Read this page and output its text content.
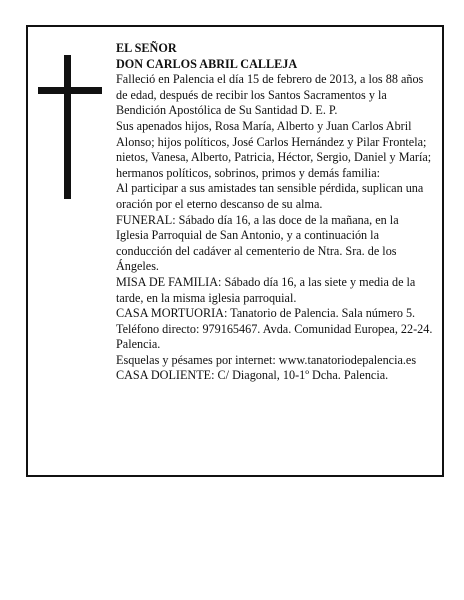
EL SEÑOR

DON CARLOS ABRIL CALLEJA

Falleció en Palencia el día 15 de febrero de 2013, a los 88 años de edad, después de recibir los Santos Sacramentos y la Bendición Apostólica de Su Santidad D. E. P.

Sus apenados hijos, Rosa María, Alberto y Juan Carlos Abril Alonso; hijos políticos, José Carlos Hernández y Pilar Frontela; nietos, Vanesa, Alberto, Patricia, Héctor, Sergio, Daniel y María; hermanos políticos, sobrinos, primos y demás familia:

Al participar a sus amistades tan sensible pérdida, suplican una oración por el eterno descanso de su alma.

FUNERAL: Sábado día 16, a las doce de la mañana, en la Iglesia Parroquial de San Antonio, y a continuación la conducción del cadáver al cementerio de Ntra. Sra. de los Ángeles.

MISA DE FAMILIA: Sábado día 16, a las siete y media de la tarde, en la misma iglesia parroquial.

CASA MORTUORIA: Tanatorio de Palencia. Sala número 5. Teléfono directo: 979165467. Avda. Comunidad Europea, 22-24. Palencia.

Esquelas y pésames por internet: www.tanatoriodepalencia.es

CASA DOLIENTE: C/ Diagonal, 10-1º Dcha. Palencia.
